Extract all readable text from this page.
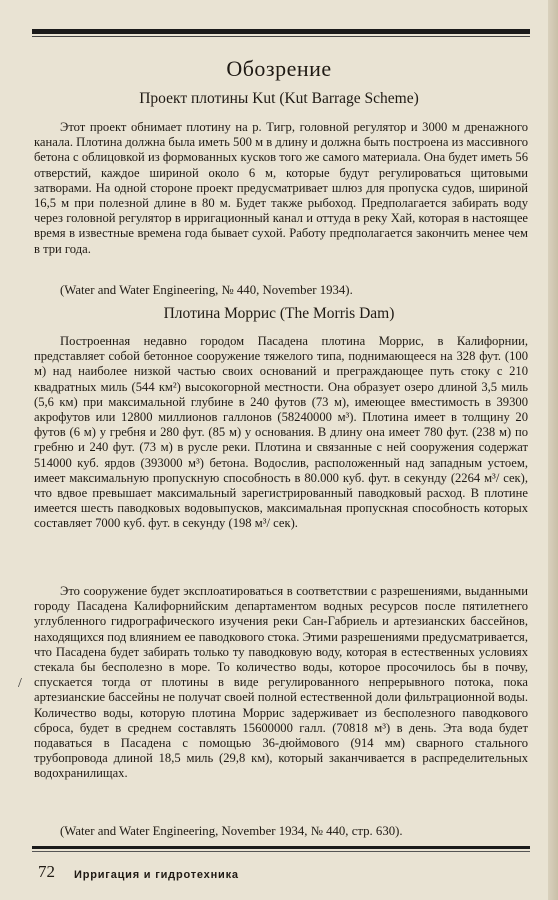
Обозрение
Проект плотины Kut (Kut Barrage Scheme)
Этот проект обнимает плотину на р. Тигр, головной регулятор и 3000 м дренажного канала. Плотина должна была иметь 500 м в длину и должна быть построена из массивного бетона с облицовкой из формованных кусков того же самого материала. Она будет иметь 56 отверстий, каждое шириной около 6 м, которые будут регулироваться щитовыми затворами. На одной стороне проект предусматривает шлюз для пропуска судов, шириной 16,5 м при полезной длине в 80 м. Будет также рыбоход. Предполагается забирать воду через головной регулятор в ирригационный канал и оттуда в реку Хай, которая в настоящее время в известные времена года бывает сухой. Работу предполагается закончить менее чем в три года.
(Water and Water Engineering, № 440, November 1934).
Плотина Моррис (The Morris Dam)
Построенная недавно городом Пасадена плотина Моррис, в Калифорнии, представляет собой бетонное сооружение тяжелого типа, поднимающееся на 328 фут. (100 м) над наиболее низкой частью своих оснований и преграждающее путь стоку с 210 квадратных миль (544 км²) высокогорной местности. Она образует озеро длиной 3,5 миль (5,6 км) при максимальной глубине в 240 футов (73 м), имеющее вместимость в 39300 акрофутов или 12800 миллионов галлонов (58240000 м³). Плотина имеет в толщину 20 футов (6 м) у гребня и 280 фут. (85 м) у основания. В длину она имеет 780 фут. (238 м) по гребню и 240 фут. (73 м) в русле реки. Плотина и связанные с ней сооружения содержат 514000 куб. ярдов (393000 м³) бетона. Водослив, расположенный над западным устоем, имеет максимальную пропускную способность в 80.000 куб. фут. в секунду (2264 м³/ сек), что вдвое превышает максимальный зарегистрированный паводковый расход. В плотине имеется шесть паводковых водовыпусков, максимальная пропускная способность которых составляет 7000 куб. фут. в секунду (198 м³/ сек).
Это сооружение будет эксплоатироваться в соответствии с разрешениями, выданными городу Пасадена Калифорнийским департаментом водных ресурсов после пятилетнего углубленного гидрографического изучения реки Сан-Габриель и артезианских бассейнов, находящихся под влиянием ее паводкового стока. Этими разрешениями предусматривается, что Пасадена будет забирать только ту паводковую воду, которая в естественных условиях стекала бы бесполезно в море. То количество воды, которое просочилось бы в почву, спускается тогда от плотины в виде регулированного непрерывного потока, пока артезианские бассейны не получат своей полной естественной доли фильтрационной воды. Количество воды, которую плотина Моррис задерживает из бесполезного паводкового сброса, будет в среднем составлять 15600000 галл. (70818 м³) в день. Эта вода будет подаваться в Пасадена с помощью 36-дюймового (914 мм) сварного стального трубопровода длиной 18,5 миль (29,8 км), который заканчивается в распределительных водохранилищах.
(Water and Water Engineering, November 1934, № 440, стр. 630).
/
72 Ирригация и гидротехника
